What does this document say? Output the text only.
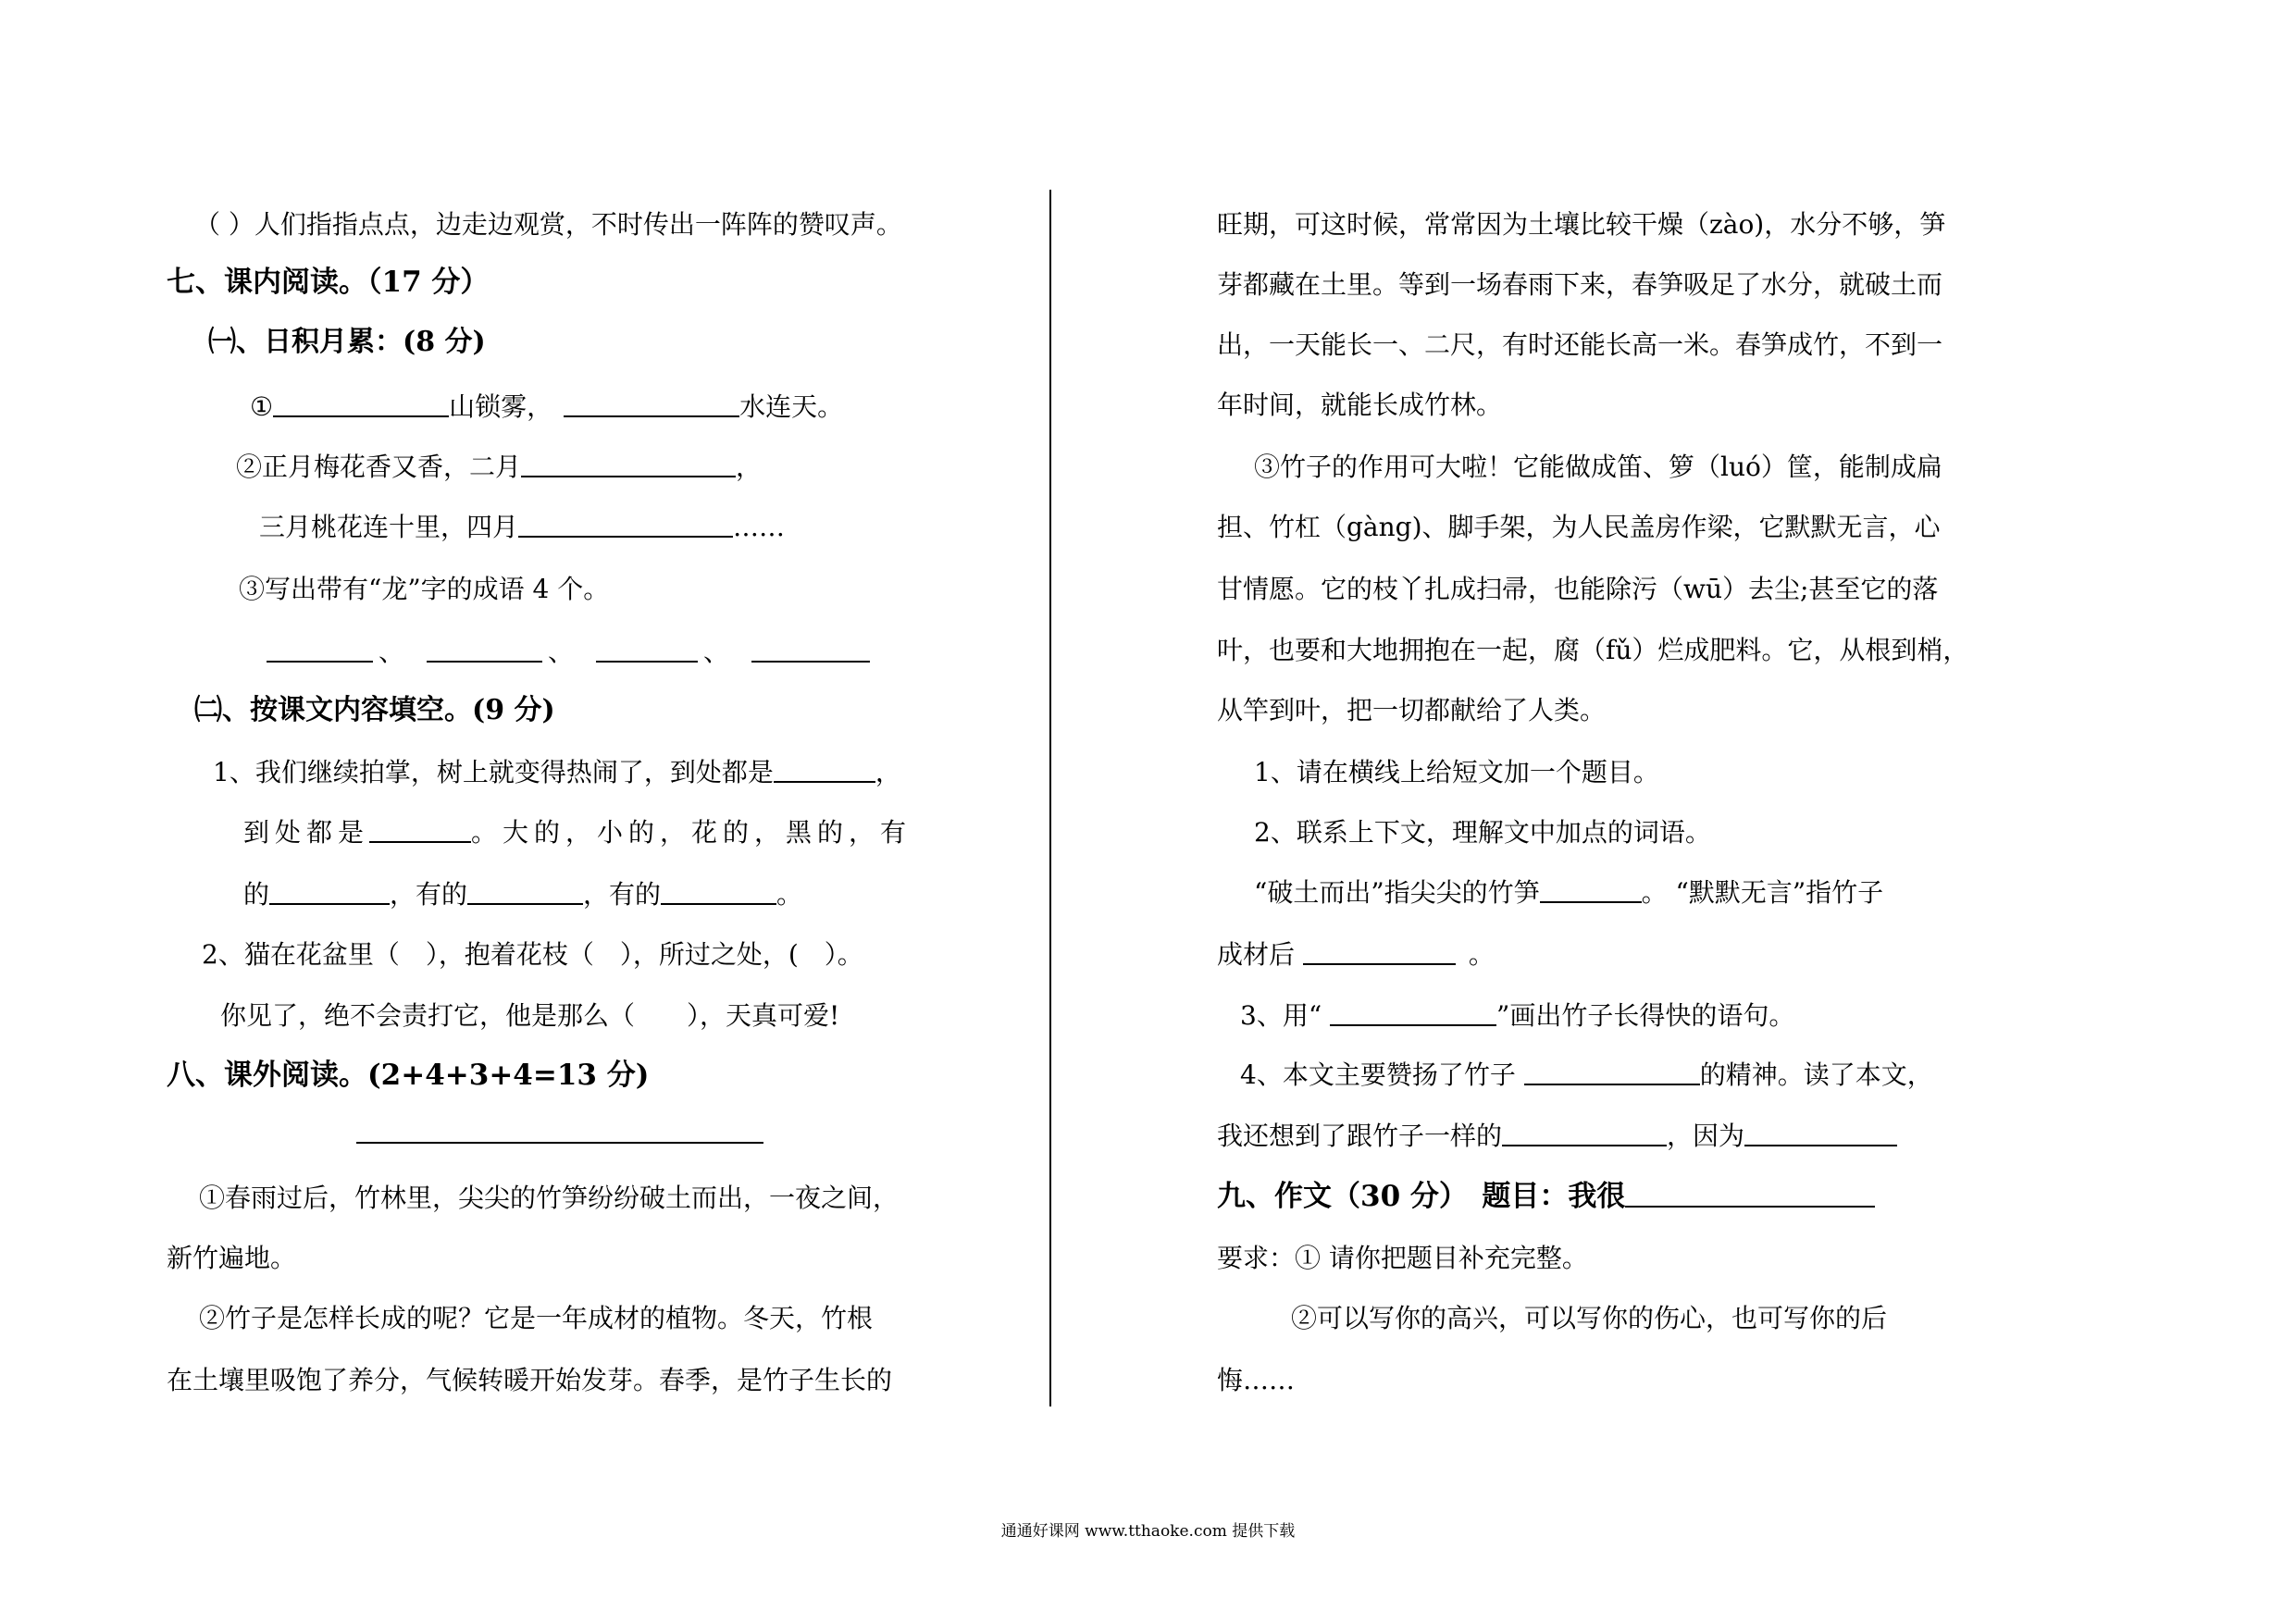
（ ）人们指指点点，边走边观赏，不时传出一阵阵的赞叹声。
七、课内阅读。（17 分）
㈠、日积月累：(8 分)
①	山锁雾，	水连天。
②正月梅花香又香，二月	，
三月桃花连十里，四月	……
③写出带有“龙”字的成语 4 个。
、	、	、
㈡、按课文内容填空。(9 分)
1、我们继续拍掌，树上就变得热闹了，到处都是	，
到处都是	。大的，小的，花的，黑的，有
的	，有的	，有的	。
2、猫在花盆里（　），抱着花枝（　），所过之处，(　）。
你见了，绝不会责打它，他是那么（　　），天真可爱!
八、课外阅读。(2+4+3+4=13 分)
①春雨过后，竹林里，尖尖的竹笋纷纷破土而出，一夜之间，
新竹遍地。
②竹子是怎样长成的呢？它是一年成材的植物。冬天，竹根
在土壤里吸饱了养分，气候转暖开始发芽。春季，是竹子生长的
旺期，可这时候，常常因为土壤比较干燥（zào)，水分不够，笋
芽都藏在土里。等到一场春雨下来，春笋吸足了水分，就破土而
出，一天能长一、二尺，有时还能长高一米。春笋成竹，不到一
年时间，就能长成竹林。
③竹子的作用可大啦！它能做成笛、箩（luó）筐，能制成扁
担、竹杠（gàng)、脚手架，为人民盖房作梁，它默默无言，心
甘情愿。它的枝丫扎成扫帚，也能除污（wū）去尘;甚至它的落
叶，也要和大地拥抱在一起，腐（fǔ）烂成肥料。它，从根到梢，
从竿到叶，把一切都献给了人类。
1、请在横线上给短文加一个题目。
2、联系上下文，理解文中加点的词语。
“破土而出”指尖尖的竹笋	。 “默默无言”指竹子
成材后	。
3、用“	”画出竹子长得快的语句。
4、本文主要赞扬了竹子	的精神。读了本文，
我还想到了跟竹子一样的	，因为
九、作文（30 分）　题目：我很
要求：① 请你把题目补充完整。
②可以写你的高兴，可以写你的伤心，也可写你的后
悔……
通通好课网 www.tthaoke.com 提供下载
